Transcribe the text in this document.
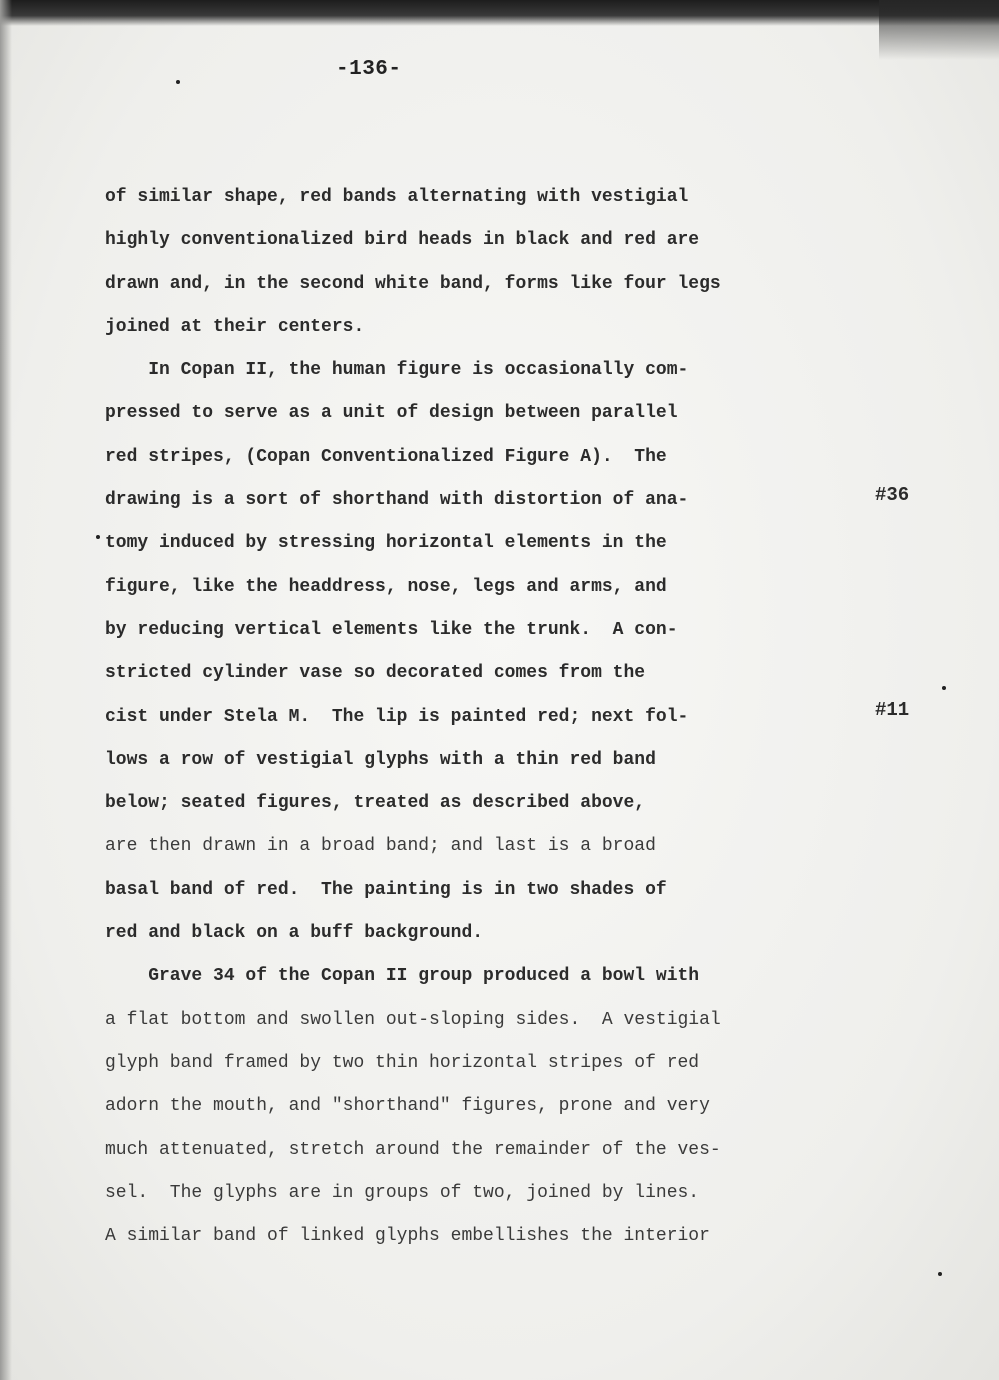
-136-
of similar shape, red bands alternating with vestigial
highly conventionalized bird heads in black and red are
drawn and, in the second white band, forms like four legs
joined at their centers.
In Copan II, the human figure is occasionally com-
pressed to serve as a unit of design between parallel
red stripes, (Copan Conventionalized Figure A).  The
drawing is a sort of shorthand with distortion of ana-
tomy induced by stressing horizontal elements in the
figure, like the headdress, nose, legs and arms, and
by reducing vertical elements like the trunk.  A con-
stricted cylinder vase so decorated comes from the
cist under Stela M.  The lip is painted red; next fol-
lows a row of vestigial glyphs with a thin red band
below; seated figures, treated as described above,
are then drawn in a broad band; and last is a broad
basal band of red.  The painting is in two shades of
red and black on a buff background.
Grave 34 of the Copan II group produced a bowl with
a flat bottom and swollen out-sloping sides.  A vestigial
glyph band framed by two thin horizontal stripes of red
adorn the mouth, and "shorthand" figures, prone and very
much attenuated, stretch around the remainder of the ves-
sel.  The glyphs are in groups of two, joined by lines.
A similar band of linked glyphs embellishes the interior
#36
#11
